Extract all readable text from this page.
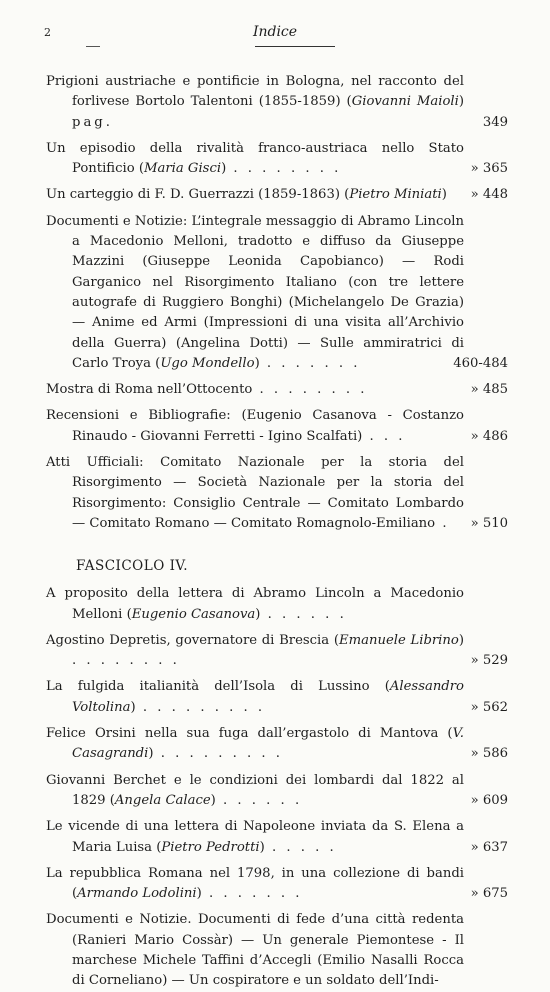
2	Indice

Prigioni austriache e pontificie in Bologna, nel racconto del forlivese Bortolo Talentoni (1855-1859) (Giovanni Maioli) pag.	349

Un episodio della rivalità franco-austriaca nello Stato Pontificio (Maria Gisci) . . . . . . . .	» 365

Un carteggio di F. D. Guerrazzi (1859-1863) (Pietro Miniati) » 448

Documenti e Notizie: L’integrale messaggio di Abramo Lincoln a Macedonio Melloni, tradotto e diffuso da Giuseppe Mazzini (Giuseppe Leonida Capobianco) — Rodi Garganico nel Risorgimento Italiano (con tre lettere autografe di Ruggiero Bonghi) (Michelangelo De Grazia) — Anime ed Armi (Impressioni di una visita all’Archivio della Guerra) (Angelina Dotti) — Sulle ammiratrici di Carlo Troya (Ugo Mondello) . . . . . . .	460-484

Mostra di Roma nell’Ottocento . . . . . . . .	» 485

Recensioni e Bibliografie: (Eugenio Casanova - Costanzo Rinaudo - Giovanni Ferretti - Igino Scalfati) . . .	» 486

Atti Ufficiali: Comitato Nazionale per la storia del Risorgimento — Società Nazionale per la storia del Risorgimento: Consiglio Centrale — Comitato Lombardo — Comitato Romano — Comitato Romagnolo-Emiliano . » 510

FASCICOLO IV.

A proposito della lettera di Abramo Lincoln a Macedonio Melloni (Eugenio Casanova) . . . . . .

Agostino Depretis, governatore di Brescia (Emanuele Librino) . . . . . . . .	» 529

La fulgida italianità dell’Isola di Lussino (Alessandro Voltolina) . . . . . . . . .	» 562

Felice Orsini nella sua fuga dall’ergastolo di Mantova (V. Casagrandi) . . . . . . . . .	» 586

Giovanni Berchet e le condizioni dei lombardi dal 1822 al 1829 (Angela Calace) . . . . . .	» 609

Le vicende di una lettera di Napoleone inviata da S. Elena a Maria Luisa (Pietro Pedrotti) . . . . .	» 637

La repubblica Romana nel 1798, in una collezione di bandi (Armando Lodolini) . . . . . . .	» 675

Documenti e Notizie. Documenti di fede d’una città redenta (Ranieri Mario Cossàr) — Un generale Piemontese - Il marchese Michele Taffini d’Accegli (Emilio Nasalli Rocca di Corneliano) — Un cospiratore e un soldato dell’Indi-
